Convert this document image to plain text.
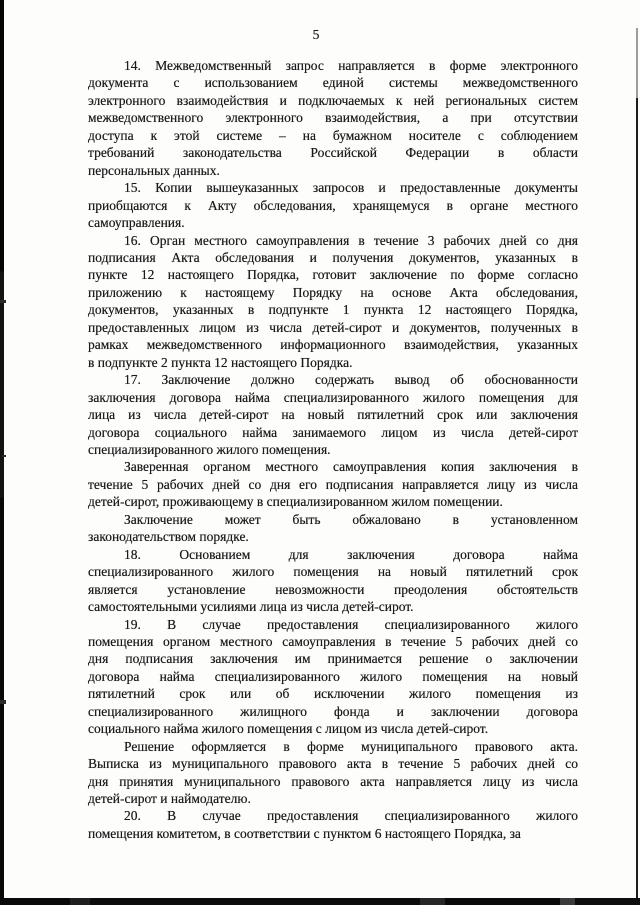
5
14. Межведомственный запрос направляется в форме электронного
документа с использованием единой системы межведомственного
электронного взаимодействия и подключаемых к ней региональных систем
межведомственного электронного взаимодействия, а при отсутствии
доступа к этой системе – на бумажном носителе с соблюдением
требований законодательства Российской Федерации в области
персональных данных.
15. Копии вышеуказанных запросов и предоставленные документы
приобщаются к Акту обследования, хранящемуся в органе местного
самоуправления.
16. Орган местного самоуправления в течение 3 рабочих дней со дня
подписания Акта обследования и получения документов, указанных в
пункте 12 настоящего Порядка, готовит заключение по форме согласно
приложению к настоящему Порядку на основе Акта обследования,
документов, указанных в подпункте 1 пункта 12 настоящего Порядка,
предоставленных лицом из числа детей-сирот и документов, полученных в
рамках межведомственного информационного взаимодействия, указанных
в подпункте 2 пункта 12 настоящего Порядка.
17. Заключение должно содержать вывод об обоснованности
заключения договора найма специализированного жилого помещения для
лица из числа детей-сирот на новый пятилетний срок или заключения
договора социального найма занимаемого лицом из числа детей-сирот
специализированного жилого помещения.
Заверенная органом местного самоуправления копия заключения в
течение 5 рабочих дней со дня его подписания направляется лицу из числа
детей-сирот, проживающему в специализированном жилом помещении.
Заключение может быть обжаловано в установленном
законодательством порядке.
18. Основанием для заключения договора найма
специализированного жилого помещения на новый пятилетний срок
является установление невозможности преодоления обстоятельств
самостоятельными усилиями лица из числа детей-сирот.
19. В случае предоставления специализированного жилого
помещения органом местного самоуправления в течение 5 рабочих дней со
дня подписания заключения им принимается решение о заключении
договора найма специализированного жилого помещения на новый
пятилетний срок или об исключении жилого помещения из
специализированного жилищного фонда и заключении договора
социального найма жилого помещения с лицом из числа детей-сирот.
Решение оформляется в форме муниципального правового акта.
Выписка из муниципального правового акта в течение 5 рабочих дней со
дня принятия муниципального правового акта направляется лицу из числа
детей-сирот и наймодателю.
20. В случае предоставления специализированного жилого
помещения комитетом, в соответствии с пунктом 6 настоящего Порядка, за
